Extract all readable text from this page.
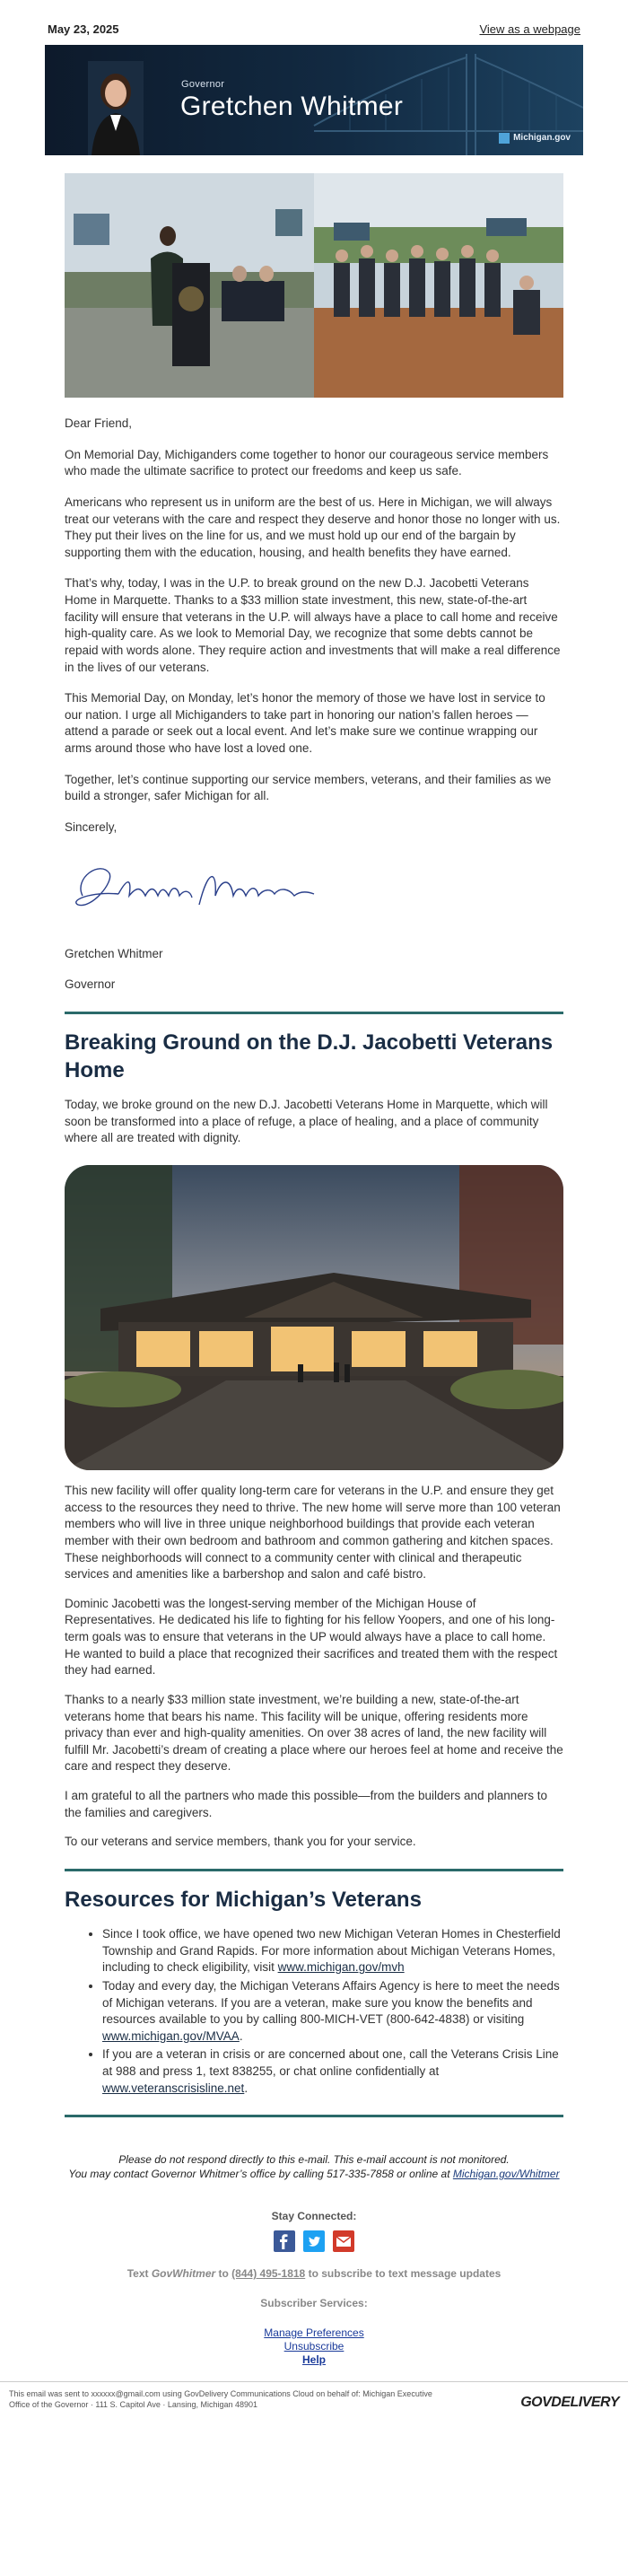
May 23, 2025	View as a webpage
Governor
Gretchen Whitmer
Michigan.gov

Dear Friend,

On Memorial Day, Michiganders come together to honor our courageous service members who made the ultimate sacrifice to protect our freedoms and keep us safe.

Americans who represent us in uniform are the best of us. Here in Michigan, we will always treat our veterans with the care and respect they deserve and honor those no longer with us. They put their lives on the line for us, and we must hold up our end of the bargain by supporting them with the education, housing, and health benefits they have earned.

That’s why, today, I was in the U.P. to break ground on the new D.J. Jacobetti Veterans Home in Marquette. Thanks to a $33 million state investment, this new, state-of-the-art facility will ensure that veterans in the U.P. will always have a place to call home and receive high-quality care. As we look to Memorial Day, we recognize that some debts cannot be repaid with words alone. They require action and investments that will make a real difference in the lives of our veterans.

This Memorial Day, on Monday, let’s honor the memory of those we have lost in service to our nation. I urge all Michiganders to take part in honoring our nation’s fallen heroes — attend a parade or seek out a local event. And let’s make sure we continue wrapping our arms around those who have lost a loved one.

Together, let’s continue supporting our service members, veterans, and their families as we build a stronger, safer Michigan for all.

Sincerely,

Gretchen Whitmer

Governor

Breaking Ground on the D.J. Jacobetti Veterans Home

Today, we broke ground on the new D.J. Jacobetti Veterans Home in Marquette, which will soon be transformed into a place of refuge, a place of healing, and a place of community where all are treated with dignity.

This new facility will offer quality long-term care for veterans in the U.P. and ensure they get access to the resources they need to thrive. The new home will serve more than 100 veteran members who will live in three unique neighborhood buildings that provide each veteran member with their own bedroom and bathroom and common gathering and kitchen spaces. These neighborhoods will connect to a community center with clinical and therapeutic services and amenities like a barbershop and salon and café bistro.

Dominic Jacobetti was the longest-serving member of the Michigan House of Representatives. He dedicated his life to fighting for his fellow Yoopers, and one of his long-term goals was to ensure that veterans in the UP would always have a place to call home. He wanted to build a place that recognized their sacrifices and treated them with the respect they had earned.

Thanks to a nearly $33 million state investment, we’re building a new, state-of-the-art veterans home that bears his name. This facility will be unique, offering residents more privacy than ever and high-quality amenities. On over 38 acres of land, the new facility will fulfill Mr. Jacobetti’s dream of creating a place where our heroes feel at home and receive the care and respect they deserve.

I am grateful to all the partners who made this possible—from the builders and planners to the families and caregivers.

To our veterans and service members, thank you for your service.

Resources for Michigan’s Veterans
• Since I took office, we have opened two new Michigan Veteran Homes in Chesterfield Township and Grand Rapids. For more information about Michigan Veterans Homes, including to check eligibility, visit www.michigan.gov/mvh
• Today and every day, the Michigan Veterans Affairs Agency is here to meet the needs of Michigan veterans. If you are a veteran, make sure you know the benefits and resources available to you by calling 800-MICH-VET (800-642-4838) or visiting www.michigan.gov/MVAA.
• If you are a veteran in crisis or are concerned about one, call the Veterans Crisis Line at 988 and press 1, text 838255, or chat online confidentially at www.veteranscrisisline.net.
Please do not respond directly to this e-mail. This e-mail account is not monitored.
You may contact Governor Whitmer’s office by calling 517-335-7858 or online at Michigan.gov/Whitmer
Stay Connected:
Text GovWhitmer to (844) 495-1818 to subscribe to text message updates
Subscriber Services:
Manage Preferences
Unsubscribe
Help
This email was sent to xxxxxx@gmail.com using GovDelivery Communications Cloud on behalf of: Michigan Executive Office of the Governor · 111 S. Capitol Ave · Lansing, Michigan 48901	GOVDELIVERY
